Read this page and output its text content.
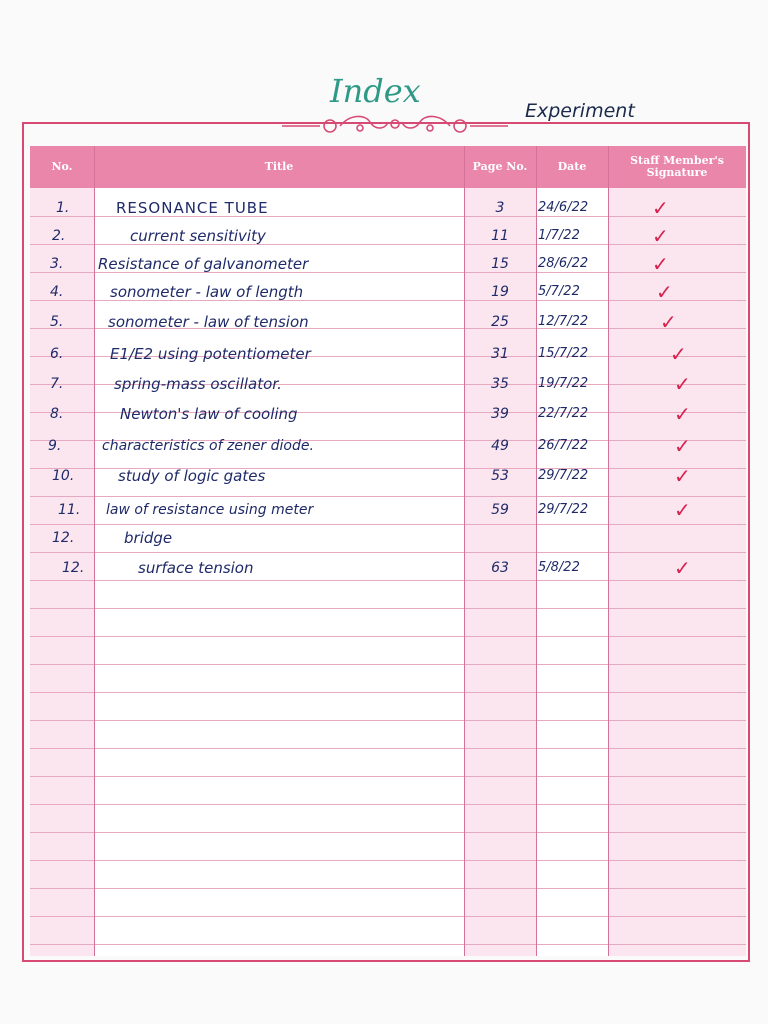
Index
Experiment
No.	Title	Page No.	Date	Staff Member's Signature
1.	RESONANCE TUBE	3	24/6/22	✓
2.	current sensitivity	11	1/7/22	✓
3. Resistance of galvanometer	15	28/6/22	✓
4.	sonometer - law of length	19	5/7/22	✓
5.	sonometer - law of tension	25	12/7/22	✓
6.	E1/E2 using potentiometer	31	15/7/22	✓
7.	spring-mass oscillator.	35	19/7/22	✓
8.	Newton's law of cooling	39	22/7/22	✓
9.	characteristics of zener diode.	49	26/7/22	✓
10.	study of logic gates	53	29/7/22	✓
11. law of resistance using meter	59	29/7/22	✓
12.	bridge
12.	surface tension	63	5/8/22	✓
